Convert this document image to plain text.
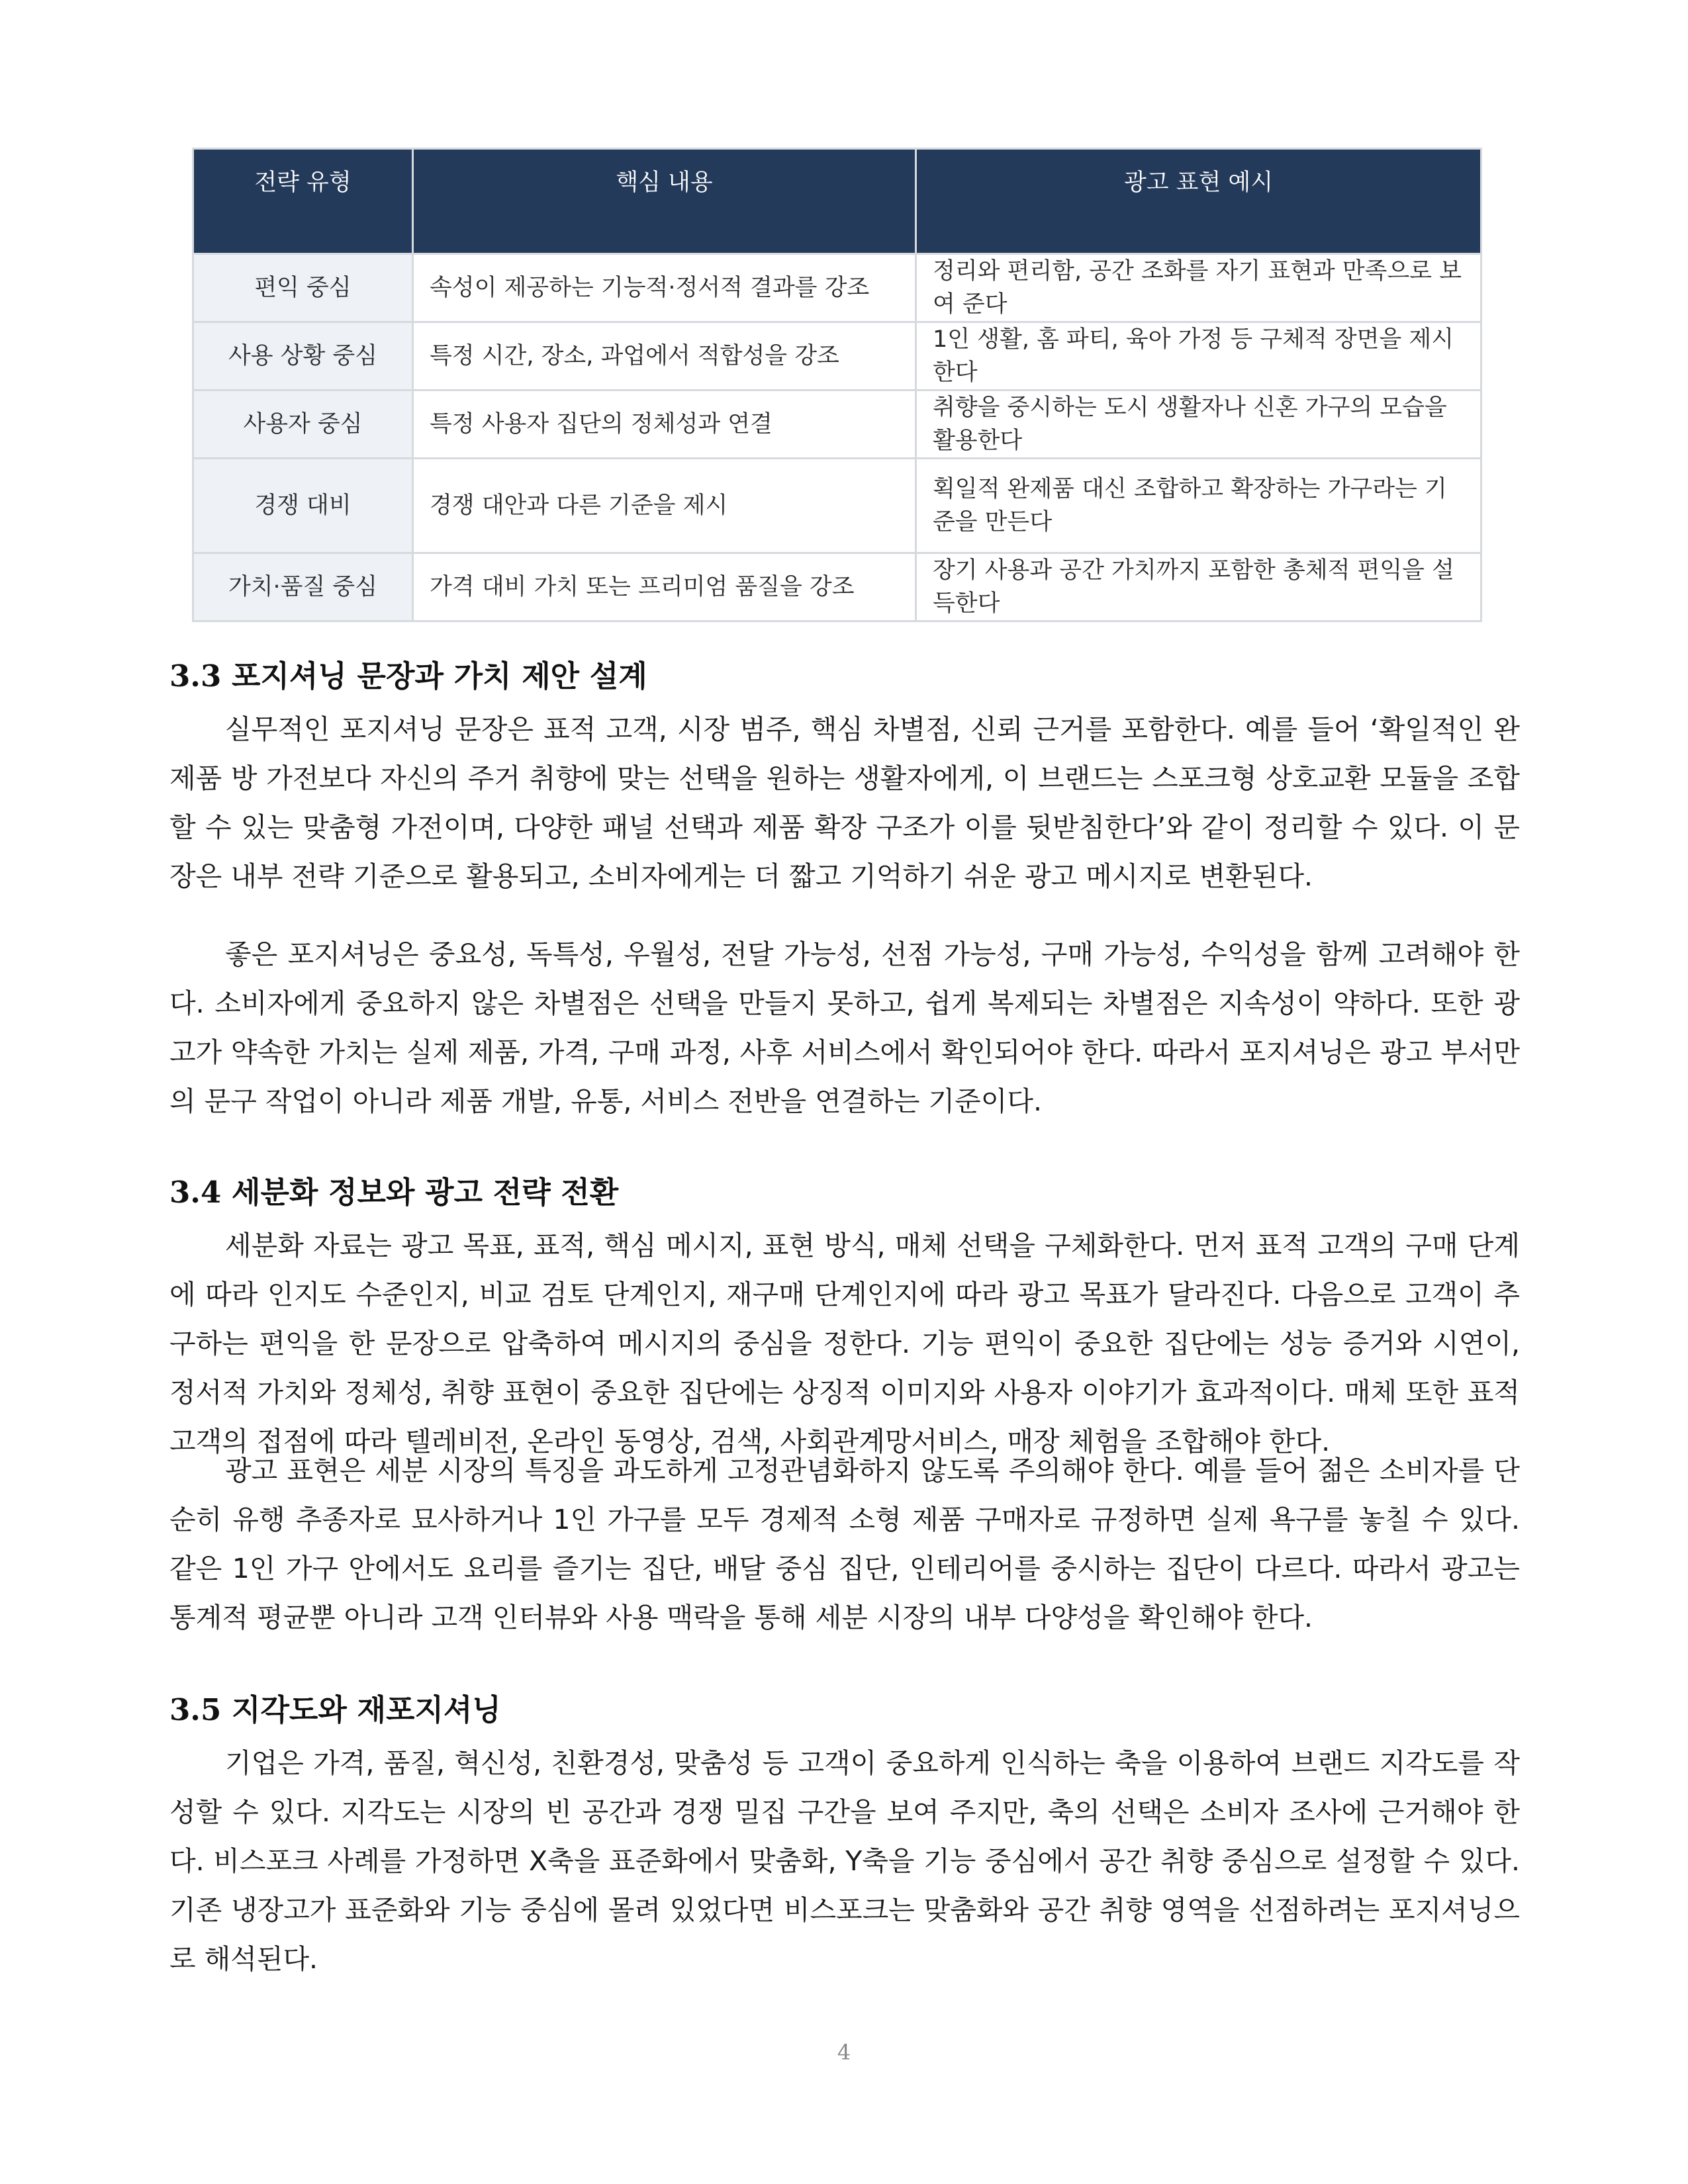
전략 유형	핵심 내용	광고 표현 예시
편익 중심	속성이 제공하는 기능적·정서적 결과를 강조	정리와 편리함, 공간 조화를 자기 표현과 만족으로 보여 준다
사용 상황 중심	특정 시간, 장소, 과업에서 적합성을 강조	1인 생활, 홈 파티, 육아 가정 등 구체적 장면을 제시한다
사용자 중심	특정 사용자 집단의 정체성과 연결	취향을 중시하는 도시 생활자나 신혼 가구의 모습을 활용한다
경쟁 대비	경쟁 대안과 다른 기준을 제시	획일적 완제품 대신 조합하고 확장하는 가구라는 기준을 만든다
가치·품질 중심	가격 대비 가치 또는 프리미엄 품질을 강조	장기 사용과 공간 가치까지 포함한 총체적 편익을 설득한다
3.3 포지셔닝 문장과 가치 제안 설계

실무적인 포지셔닝 문장은 표적 고객, 시장 범주, 핵심 차별점, 신뢰 근거를 포함한다. 예를 들어 ‘확일적인 완제품 방 가전보다 자신의 주거 취향에 맞는 선택을 원하는 생활자에게, 이 브랜드는 스포크형 상호교환 모듈을 조합할 수 있는 맞춤형 가전이며, 다양한 패널 선택과 제품 확장 구조가 이를 뒷받침한다’와 같이 정리할 수 있다. 이 문장은 내부 전략 기준으로 활용되고, 소비자에게는 더 짧고 기억하기 쉬운 광고 메시지로 변환된다.

좋은 포지셔닝은 중요성, 독특성, 우월성, 전달 가능성, 선점 가능성, 구매 가능성, 수익성을 함께 고려해야 한다. 소비자에게 중요하지 않은 차별점은 선택을 만들지 못하고, 쉽게 복제되는 차별점은 지속성이 약하다. 또한 광고가 약속한 가치는 실제 제품, 가격, 구매 과정, 사후 서비스에서 확인되어야 한다. 따라서 포지셔닝은 광고 부서만의 문구 작업이 아니라 제품 개발, 유통, 서비스 전반을 연결하는 기준이다.

3.4 세분화 정보와 광고 전략 전환

세분화 자료는 광고 목표, 표적, 핵심 메시지, 표현 방식, 매체 선택을 구체화한다. 먼저 표적 고객의 구매 단계에 따라 인지도 수준인지, 비교 검토 단계인지, 재구매 단계인지에 따라 광고 목표가 달라진다. 다음으로 고객이 추구하는 편익을 한 문장으로 압축하여 메시지의 중심을 정한다. 기능 편익이 중요한 집단에는 성능 증거와 시연이, 정서적 가치와 정체성, 취향 표현이 중요한 집단에는 상징적 이미지와 사용자 이야기가 효과적이다. 매체 또한 표적 고객의 접점에 따라 텔레비전, 온라인 동영상, 검색, 사회관계망서비스, 매장 체험을 조합해야 한다.

광고 표현은 세분 시장의 특징을 과도하게 고정관념화하지 않도록 주의해야 한다. 예를 들어 젊은 소비자를 단순히 유행 추종자로 묘사하거나 1인 가구를 모두 경제적 소형 제품 구매자로 규정하면 실제 욕구를 놓칠 수 있다. 같은 1인 가구 안에서도 요리를 즐기는 집단, 배달 중심 집단, 인테리어를 중시하는 집단이 다르다. 따라서 광고는 통계적 평균뿐 아니라 고객 인터뷰와 사용 맥락을 통해 세분 시장의 내부 다양성을 확인해야 한다.

3.5 지각도와 재포지셔닝

기업은 가격, 품질, 혁신성, 친환경성, 맞춤성 등 고객이 중요하게 인식하는 축을 이용하여 브랜드 지각도를 작성할 수 있다. 지각도는 시장의 빈 공간과 경쟁 밀집 구간을 보여 주지만, 축의 선택은 소비자 조사에 근거해야 한다. 비스포크 사례를 가정하면 X축을 표준화에서 맞춤화, Y축을 기능 중심에서 공간 취향 중심으로 설정할 수 있다. 기존 냉장고가 표준화와 기능 중심에 몰려 있었다면 비스포크는 맞춤화와 공간 취향 영역을 선점하려는 포지셔닝으로 해석된다.

4
